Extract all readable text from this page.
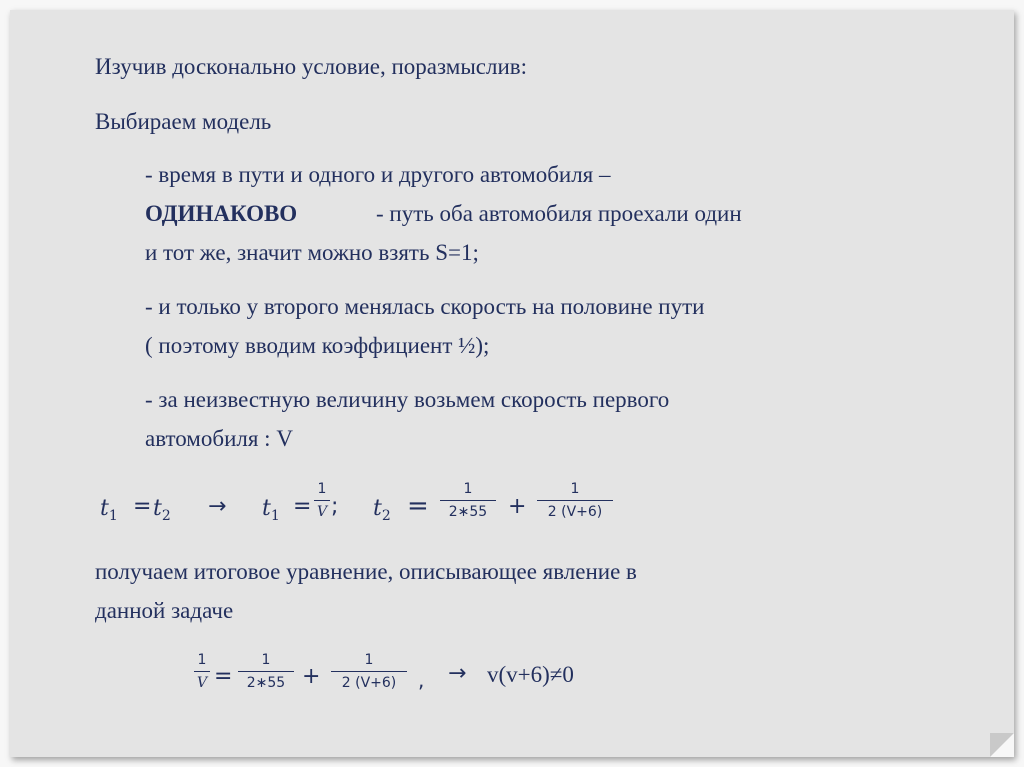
Изучив досконально условие, поразмыслив:
Выбираем модель
- время в пути и одного и другого автомобиля –
ОДИНАКОВО	- путь оба автомобиля проехали один
и тот же, значит можно взять S=1;
- и только у второго менялась скорость на половине пути
( поэтому вводим коэффициент ½);
- за неизвестную величину возьмем скорость первого
автомобиля : V
$t_1 = t_2 \to t_1$ =
1
V ; $t_2$ =
1
2∗55 +
1
2 (V+6)
получаем итоговое уравнение, описывающее явление в
данной задаче
1
V =
1
2∗55 +
1
2 (V+6)	, → v(v+6)≠0
